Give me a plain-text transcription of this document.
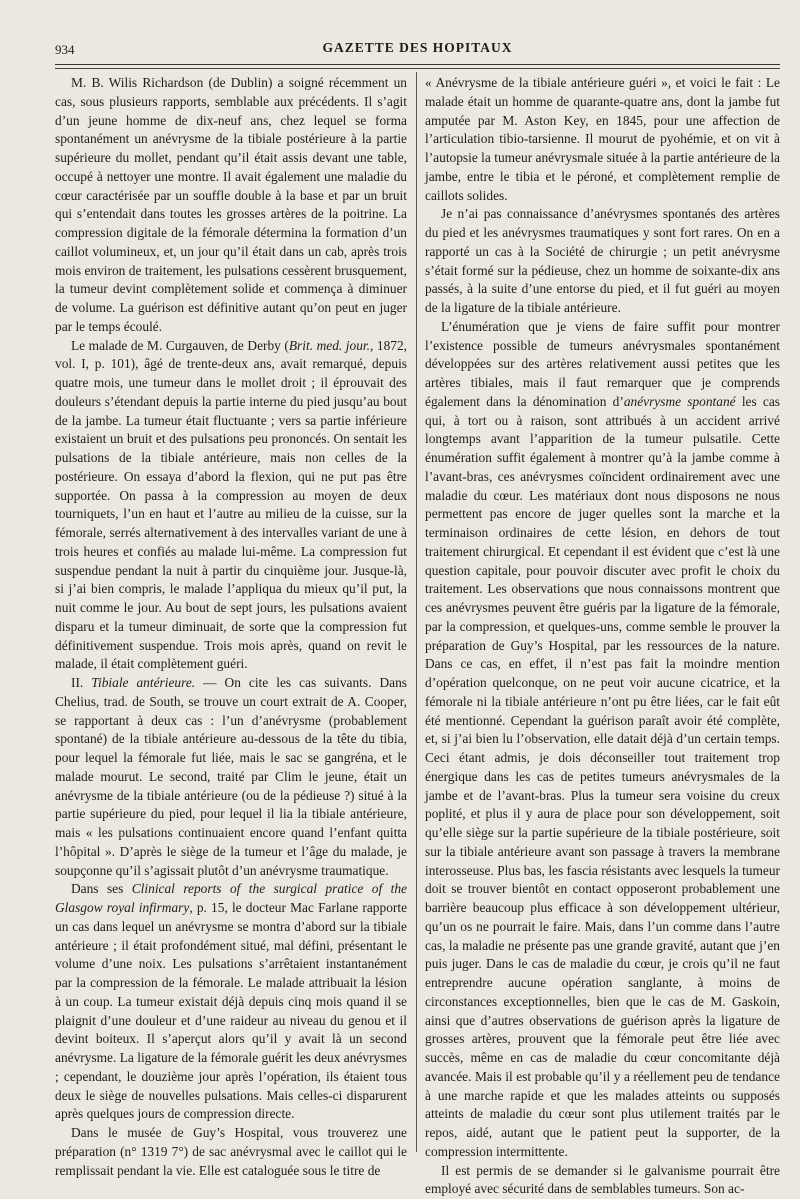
934	GAZETTE DES HOPITAUX

M. B. Wilis Richardson (de Dublin) a soigné récemment un cas, sous plusieurs rapports, semblable aux précédents. Il s’agit d’un jeune homme de dix-neuf ans, chez lequel se forma spontanément un anévrysme de la tibiale postérieure à la partie supérieure du mollet, pendant qu’il était assis devant une table, occupé à nettoyer une montre. Il avait également une maladie du cœur caractérisée par un souffle double à la base et par un bruit qui s’entendait dans toutes les grosses artères de la poitrine. La compression digitale de la fémorale détermina la formation d’un caillot volumineux, et, un jour qu’il était dans un cab, après trois mois environ de traitement, les pulsations cessèrent brusquement, la tumeur devint complètement solide et commença à diminuer de volume. La guérison est définitive autant qu’on peut en juger par le temps écoulé.

Le malade de M. Curgauven, de Derby (Brit. med. jour., 1872, vol. I, p. 101), âgé de trente-deux ans, avait remarqué, depuis quatre mois, une tumeur dans le mollet droit ; il éprouvait des douleurs s’étendant depuis la partie interne du pied jusqu’au bout de la jambe. La tumeur était fluctuante ; vers sa partie inférieure existaient un bruit et des pulsations peu prononcés. On sentait les pulsations de la tibiale antérieure, mais non celles de la postérieure. On essaya d’abord la flexion, qui ne put pas être supportée. On passa à la compression au moyen de deux tourniquets, l’un en haut et l’autre au milieu de la cuisse, sur la fémorale, serrés alternativement à des intervalles variant de une à trois heures et confiés au malade lui-même. La compression fut suspendue pendant la nuit à partir du cinquième jour. Jusque-là, si j’ai bien compris, le malade l’appliqua du mieux qu’il put, la nuit comme le jour. Au bout de sept jours, les pulsations avaient disparu et la tumeur diminuait, de sorte que la compression fut définitivement suspendue. Trois mois après, quand on revit le malade, il était complètement guéri.

II. Tibiale antérieure. — On cite les cas suivants. Dans Chelius, trad. de South, se trouve un court extrait de A. Cooper, se rapportant à deux cas : l’un d’anévrysme (probablement spontané) de la tibiale antérieure au-dessous de la tête du tibia, pour lequel la fémorale fut liée, mais le sac se gangréna, et le malade mourut. Le second, traité par Clim le jeune, était un anévrysme de la tibiale antérieure (ou de la pédieuse ?) situé à la partie supérieure du pied, pour lequel il lia la tibiale antérieure, mais « les pulsations continuaient encore quand l’enfant quitta l’hôpital ». D’après le siège de la tumeur et l’âge du malade, je soupçonne qu’il s’agissait plutôt d’un anévrysme traumatique.

Dans ses Clinical reports of the surgical pratice of the Glasgow royal infirmary, p. 15, le docteur Mac Farlane rapporte un cas dans lequel un anévrysme se montra d’abord sur la tibiale antérieure ; il était profondément situé, mal défini, présentant le volume d’une noix. Les pulsations s’arrêtaient instantanément par la compression de la fémorale. Le malade attribuait la lésion à un coup. La tumeur existait déjà depuis cinq mois quand il se plaignit d’une douleur et d’une raideur au niveau du genou et il devint boiteux. Il s’aperçut alors qu’il y avait là un second anévrysme. La ligature de la fémorale guérit les deux anévrysmes ; cependant, le douzième jour après l’opération, ils étaient tous deux le siège de nouvelles pulsations. Mais celles-ci disparurent après quelques jours de compression directe.

Dans le musée de Guy’s Hospital, vous trouverez une préparation (n° 1319 7°) de sac anévrysmal avec le caillot qui le remplissait pendant la vie. Elle est cataloguée sous le titre de

« Anévrysme de la tibiale antérieure guéri », et voici le fait : Le malade était un homme de quarante-quatre ans, dont la jambe fut amputée par M. Aston Key, en 1845, pour une affection de l’articulation tibio-tarsienne. Il mourut de pyohémie, et on vit à l’autopsie la tumeur anévrysmale située à la partie antérieure de la jambe, entre le tibia et le péroné, et complètement remplie de caillots solides.

Je n’ai pas connaissance d’anévrysmes spontanés des artères du pied et les anévrysmes traumatiques y sont fort rares. On en a rapporté un cas à la Société de chirurgie ; un petit anévrysme s’était formé sur la pédieuse, chez un homme de soixante-dix ans passés, à la suite d’une entorse du pied, et il fut guéri au moyen de la ligature de la tibiale antérieure.

L’énumération que je viens de faire suffit pour montrer l’existence possible de tumeurs anévrysmales spontanément développées sur des artères relativement aussi petites que les artères tibiales, mais il faut remarquer que je comprends également dans la dénomination d’anévrysme spontané les cas qui, à tort ou à raison, sont attribués à un accident arrivé longtemps avant l’apparition de la tumeur pulsatile. Cette énumération suffit également à montrer qu’à la jambe comme à l’avant-bras, ces anévrysmes coïncident ordinairement avec une maladie du cœur. Les matériaux dont nous disposons ne nous permettent pas encore de juger quelles sont la marche et la terminaison ordinaires de cette lésion, en dehors de tout traitement chirurgical. Et cependant il est évident que c’est là une question capitale, pour pouvoir discuter avec profit le choix du traitement. Les observations que nous connaissons montrent que ces anévrysmes peuvent être guéris par la ligature de la fémorale, par la compression, et quelques-uns, comme semble le prouver la préparation de Guy’s Hospital, par les ressources de la nature. Dans ce cas, en effet, il n’est pas fait la moindre mention d’opération quelconque, on ne peut voir aucune cicatrice, et la fémorale ni la tibiale antérieure n’ont pu être liées, car le fait eût été mentionné. Cependant la guérison paraît avoir été complète, et, si j’ai bien lu l’observation, elle datait déjà d’un certain temps. Ceci étant admis, je dois déconseiller tout traitement trop énergique dans les cas de petites tumeurs anévrysmales de la jambe et de l’avant-bras. Plus la tumeur sera voisine du creux poplité, et plus il y aura de place pour son développement, soit qu’elle siège sur la partie supérieure de la tibiale postérieure, soit sur la tibiale antérieure avant son passage à travers la membrane interosseuse. Plus bas, les fascia résistants avec lesquels la tumeur doit se trouver bientôt en contact opposeront probablement une barrière beaucoup plus efficace à son développement ultérieur, qu’un os ne pourrait le faire. Mais, dans l’un comme dans l’autre cas, la maladie ne présente pas une grande gravité, autant que j’en puis juger. Dans le cas de maladie du cœur, je crois qu’il ne faut entreprendre aucune opération sanglante, à moins de circonstances exceptionnelles, bien que le cas de M. Gaskoin, ainsi que d’autres observations de guérison après la ligature de grosses artères, prouvent que la fémorale peut être liée avec succès, même en cas de maladie du cœur concomitante déjà avancée. Mais il est probable qu’il y a réellement peu de tendance à une marche rapide et que les malades atteints ou supposés atteints de maladie du cœur sont plus utilement traités par le repos, aidé, autant que le patient peut la supporter, de la compression intermittente.

Il est permis de se demander si le galvanisme pourrait être employé avec sécurité dans de semblables tumeurs. Son ac-
